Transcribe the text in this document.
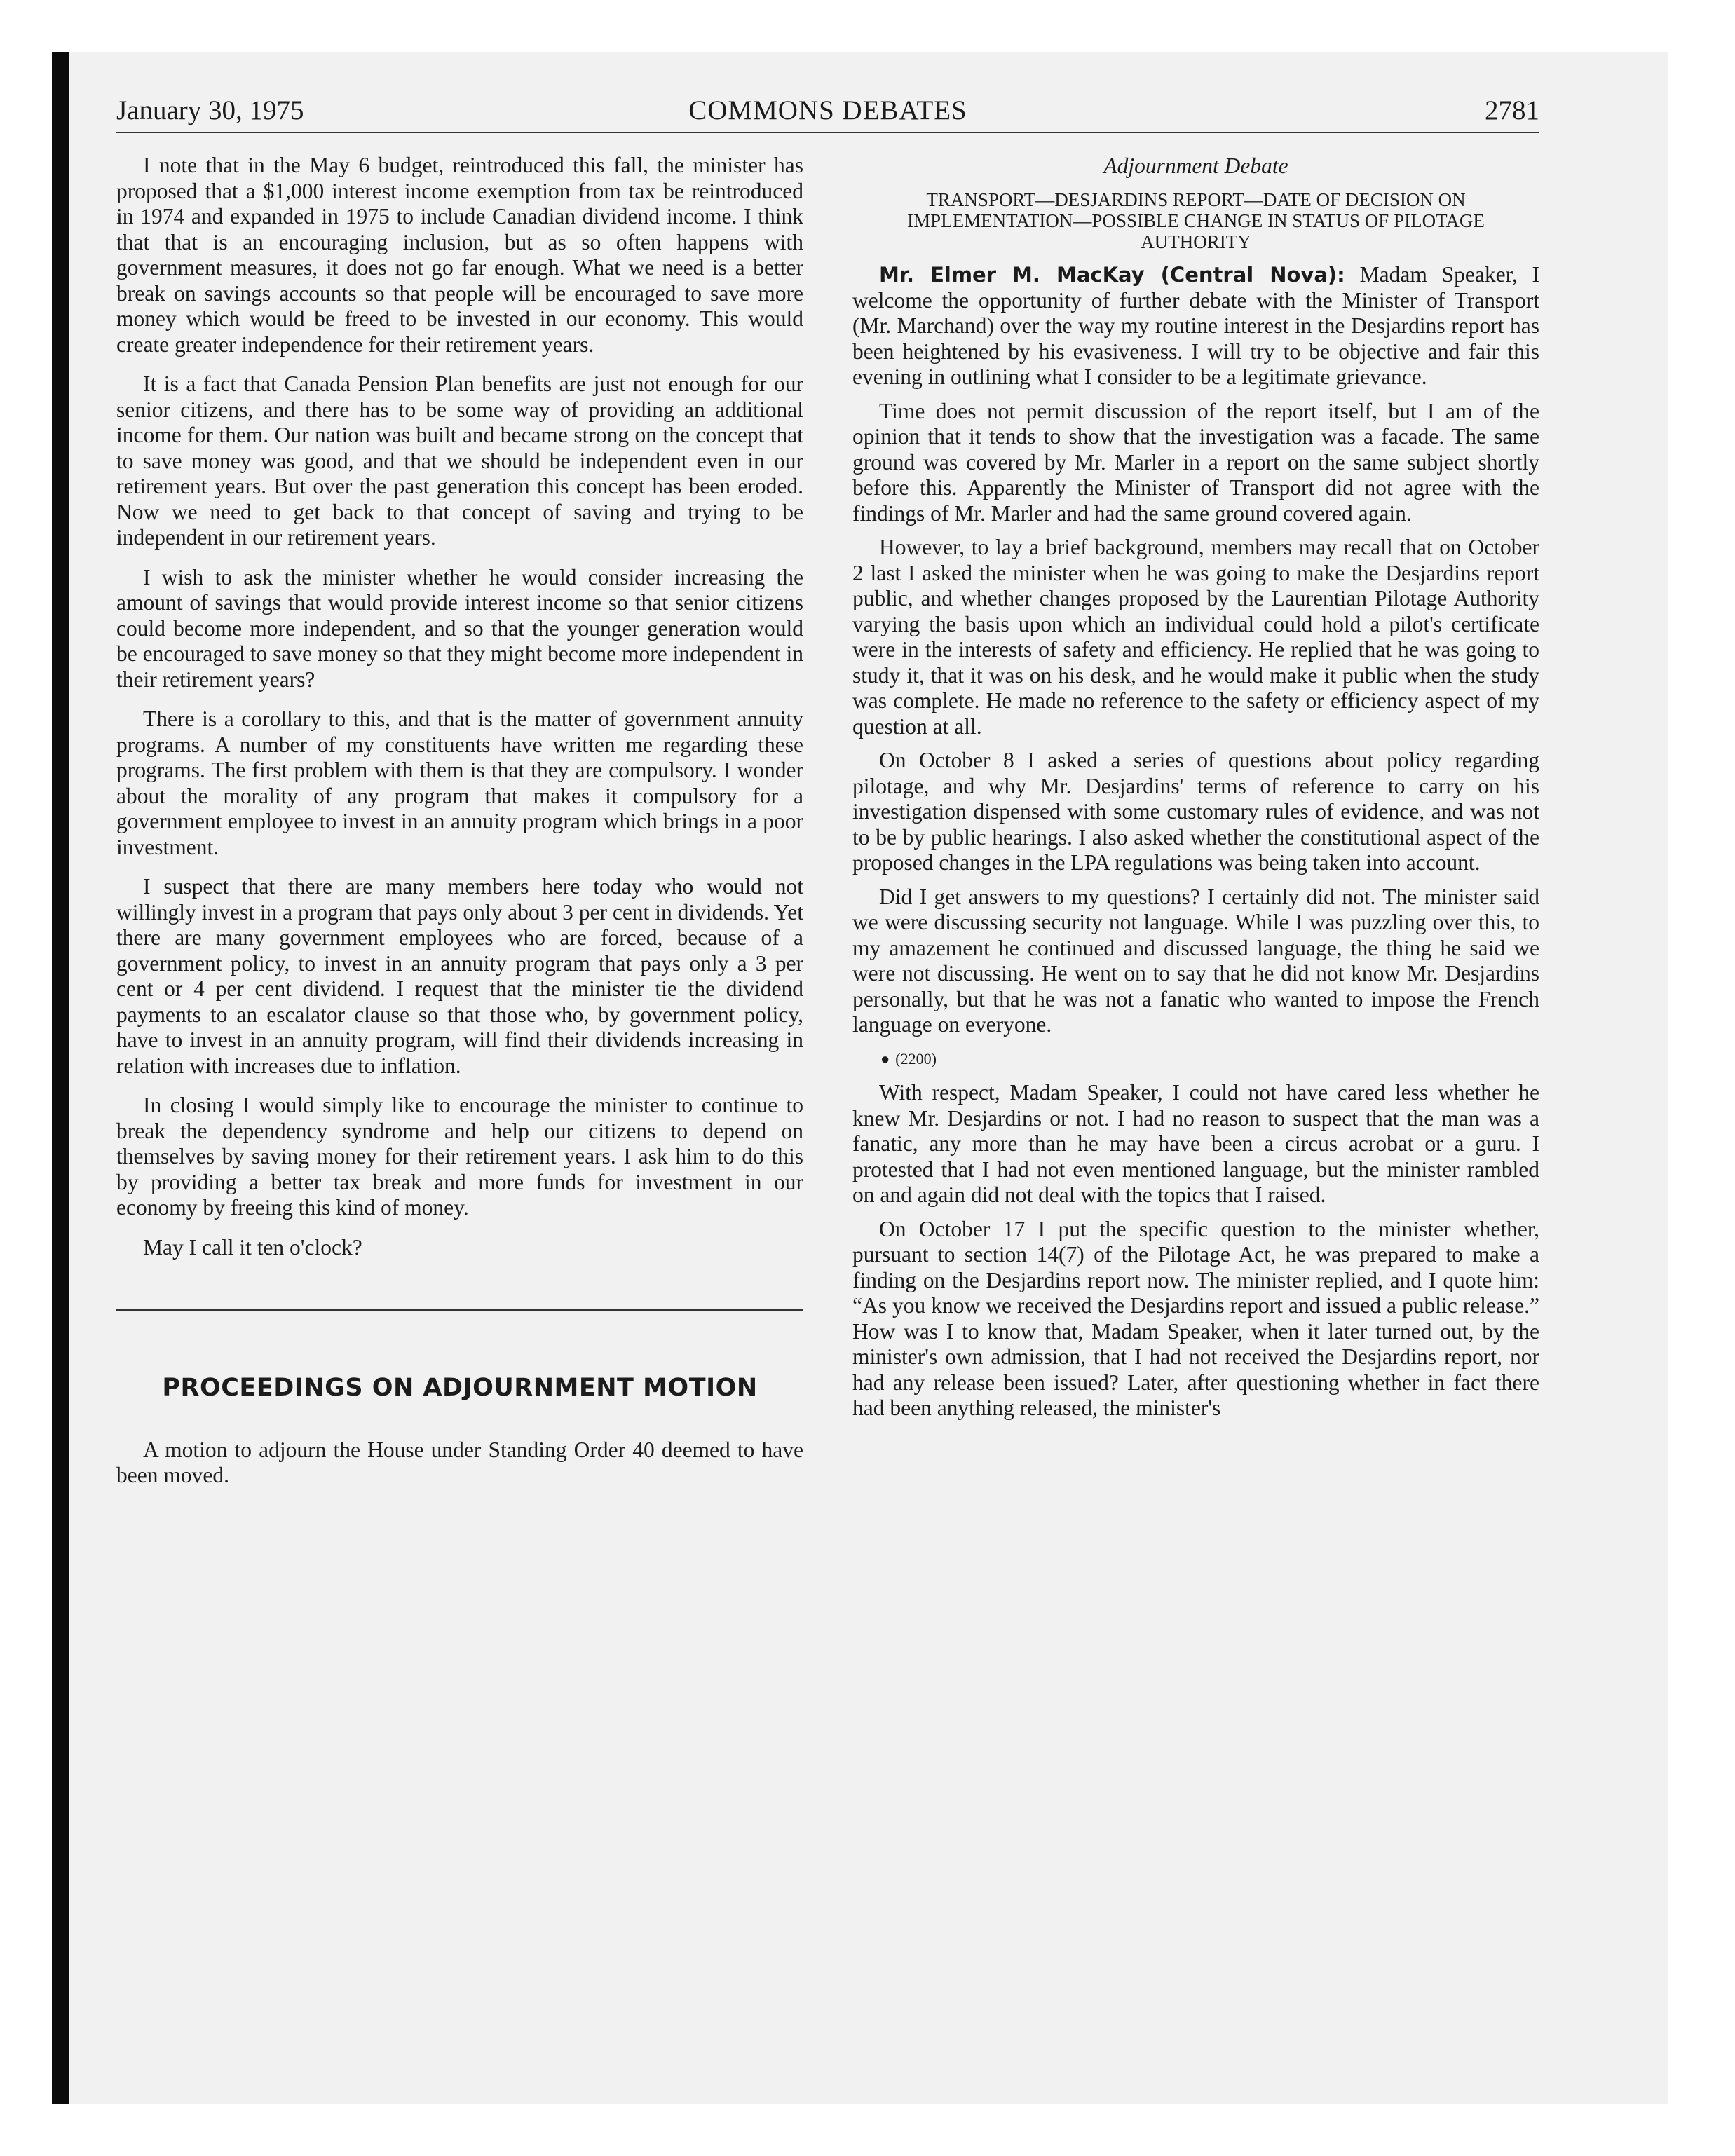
January 30, 1975	COMMONS DEBATES	2781

I note that in the May 6 budget, reintroduced this fall, the minister has proposed that a $1,000 interest income exemption from tax be reintroduced in 1974 and expanded in 1975 to include Canadian dividend income. I think that that is an encouraging inclusion, but as so often happens with government measures, it does not go far enough. What we need is a better break on savings accounts so that people will be encouraged to save more money which would be freed to be invested in our economy. This would create greater independence for their retirement years.

It is a fact that Canada Pension Plan benefits are just not enough for our senior citizens, and there has to be some way of providing an additional income for them. Our nation was built and became strong on the concept that to save money was good, and that we should be independent even in our retirement years. But over the past generation this concept has been eroded. Now we need to get back to that concept of saving and trying to be independent in our retirement years.

I wish to ask the minister whether he would consider increasing the amount of savings that would provide interest income so that senior citizens could become more independent, and so that the younger generation would be encouraged to save money so that they might become more independent in their retirement years?

There is a corollary to this, and that is the matter of government annuity programs. A number of my constituents have written me regarding these programs. The first problem with them is that they are compulsory. I wonder about the morality of any program that makes it compulsory for a government employee to invest in an annuity program which brings in a poor investment.

I suspect that there are many members here today who would not willingly invest in a program that pays only about 3 per cent in dividends. Yet there are many government employees who are forced, because of a government policy, to invest in an annuity program that pays only a 3 per cent or 4 per cent dividend. I request that the minister tie the dividend payments to an escalator clause so that those who, by government policy, have to invest in an annuity program, will find their dividends increasing in relation with increases due to inflation.

In closing I would simply like to encourage the minister to continue to break the dependency syndrome and help our citizens to depend on themselves by saving money for their retirement years. I ask him to do this by providing a better tax break and more funds for investment in our economy by freeing this kind of money.

May I call it ten o'clock?

PROCEEDINGS ON ADJOURNMENT MOTION

A motion to adjourn the House under Standing Order 40 deemed to have been moved.

Adjournment Debate
TRANSPORT—DESJARDINS REPORT—DATE OF DECISION ON IMPLEMENTATION—POSSIBLE CHANGE IN STATUS OF PILOTAGE AUTHORITY

Mr. Elmer M. MacKay (Central Nova): Madam Speaker, I welcome the opportunity of further debate with the Minister of Transport (Mr. Marchand) over the way my routine interest in the Desjardins report has been heightened by his evasiveness. I will try to be objective and fair this evening in outlining what I consider to be a legitimate grievance.

Time does not permit discussion of the report itself, but I am of the opinion that it tends to show that the investigation was a facade. The same ground was covered by Mr. Marler in a report on the same subject shortly before this. Apparently the Minister of Transport did not agree with the findings of Mr. Marler and had the same ground covered again.

However, to lay a brief background, members may recall that on October 2 last I asked the minister when he was going to make the Desjardins report public, and whether changes proposed by the Laurentian Pilotage Authority varying the basis upon which an individual could hold a pilot's certificate were in the interests of safety and efficiency. He replied that he was going to study it, that it was on his desk, and he would make it public when the study was complete. He made no reference to the safety or efficiency aspect of my question at all.

On October 8 I asked a series of questions about policy regarding pilotage, and why Mr. Desjardins' terms of reference to carry on his investigation dispensed with some customary rules of evidence, and was not to be by public hearings. I also asked whether the constitutional aspect of the proposed changes in the LPA regulations was being taken into account.

Did I get answers to my questions? I certainly did not. The minister said we were discussing security not language. While I was puzzling over this, to my amazement he continued and discussed language, the thing he said we were not discussing. He went on to say that he did not know Mr. Desjardins personally, but that he was not a fanatic who wanted to impose the French language on everyone.

● (2200)

With respect, Madam Speaker, I could not have cared less whether he knew Mr. Desjardins or not. I had no reason to suspect that the man was a fanatic, any more than he may have been a circus acrobat or a guru. I protested that I had not even mentioned language, but the minister rambled on and again did not deal with the topics that I raised.

On October 17 I put the specific question to the minister whether, pursuant to section 14(7) of the Pilotage Act, he was prepared to make a finding on the Desjardins report now. The minister replied, and I quote him: “As you know we received the Desjardins report and issued a public release.” How was I to know that, Madam Speaker, when it later turned out, by the minister's own admission, that I had not received the Desjardins report, nor had any release been issued? Later, after questioning whether in fact there had been anything released, the minister's
